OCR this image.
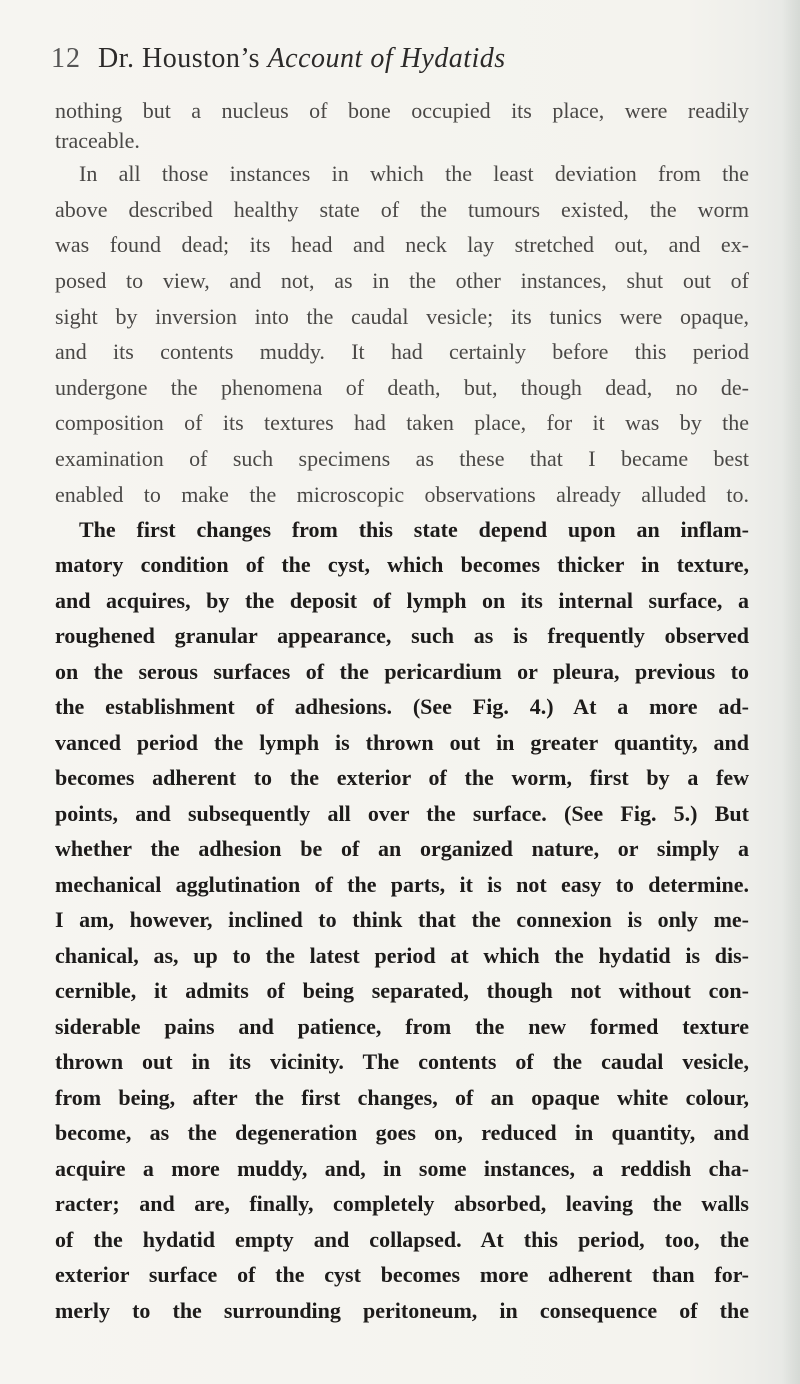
12 Dr. Houston’s Account of Hydatids
nothing but a nucleus of bone occupied its place, were readily
traceable.
In all those instances in which the least deviation from the
above described healthy state of the tumours existed, the worm
was found dead; its head and neck lay stretched out, and ex-
posed to view, and not, as in the other instances, shut out of
sight by inversion into the caudal vesicle; its tunics were opaque,
and its contents muddy. It had certainly before this period
undergone the phenomena of death, but, though dead, no de-
composition of its textures had taken place, for it was by the
examination of such specimens as these that I became best
enabled to make the microscopic observations already alluded to.
The first changes from this state depend upon an inflam-
matory condition of the cyst, which becomes thicker in texture,
and acquires, by the deposit of lymph on its internal surface, a
roughened granular appearance, such as is frequently observed
on the serous surfaces of the pericardium or pleura, previous to
the establishment of adhesions. (See Fig. 4.) At a more ad-
vanced period the lymph is thrown out in greater quantity, and
becomes adherent to the exterior of the worm, first by a few
points, and subsequently all over the surface. (See Fig. 5.) But
whether the adhesion be of an organized nature, or simply a
mechanical agglutination of the parts, it is not easy to determine.
I am, however, inclined to think that the connexion is only me-
chanical, as, up to the latest period at which the hydatid is dis-
cernible, it admits of being separated, though not without con-
siderable pains and patience, from the new formed texture
thrown out in its vicinity. The contents of the caudal vesicle,
from being, after the first changes, of an opaque white colour,
become, as the degeneration goes on, reduced in quantity, and
acquire a more muddy, and, in some instances, a reddish cha-
racter; and are, finally, completely absorbed, leaving the walls
of the hydatid empty and collapsed. At this period, too, the
exterior surface of the cyst becomes more adherent than for-
merly to the surrounding peritoneum, in consequence of the
